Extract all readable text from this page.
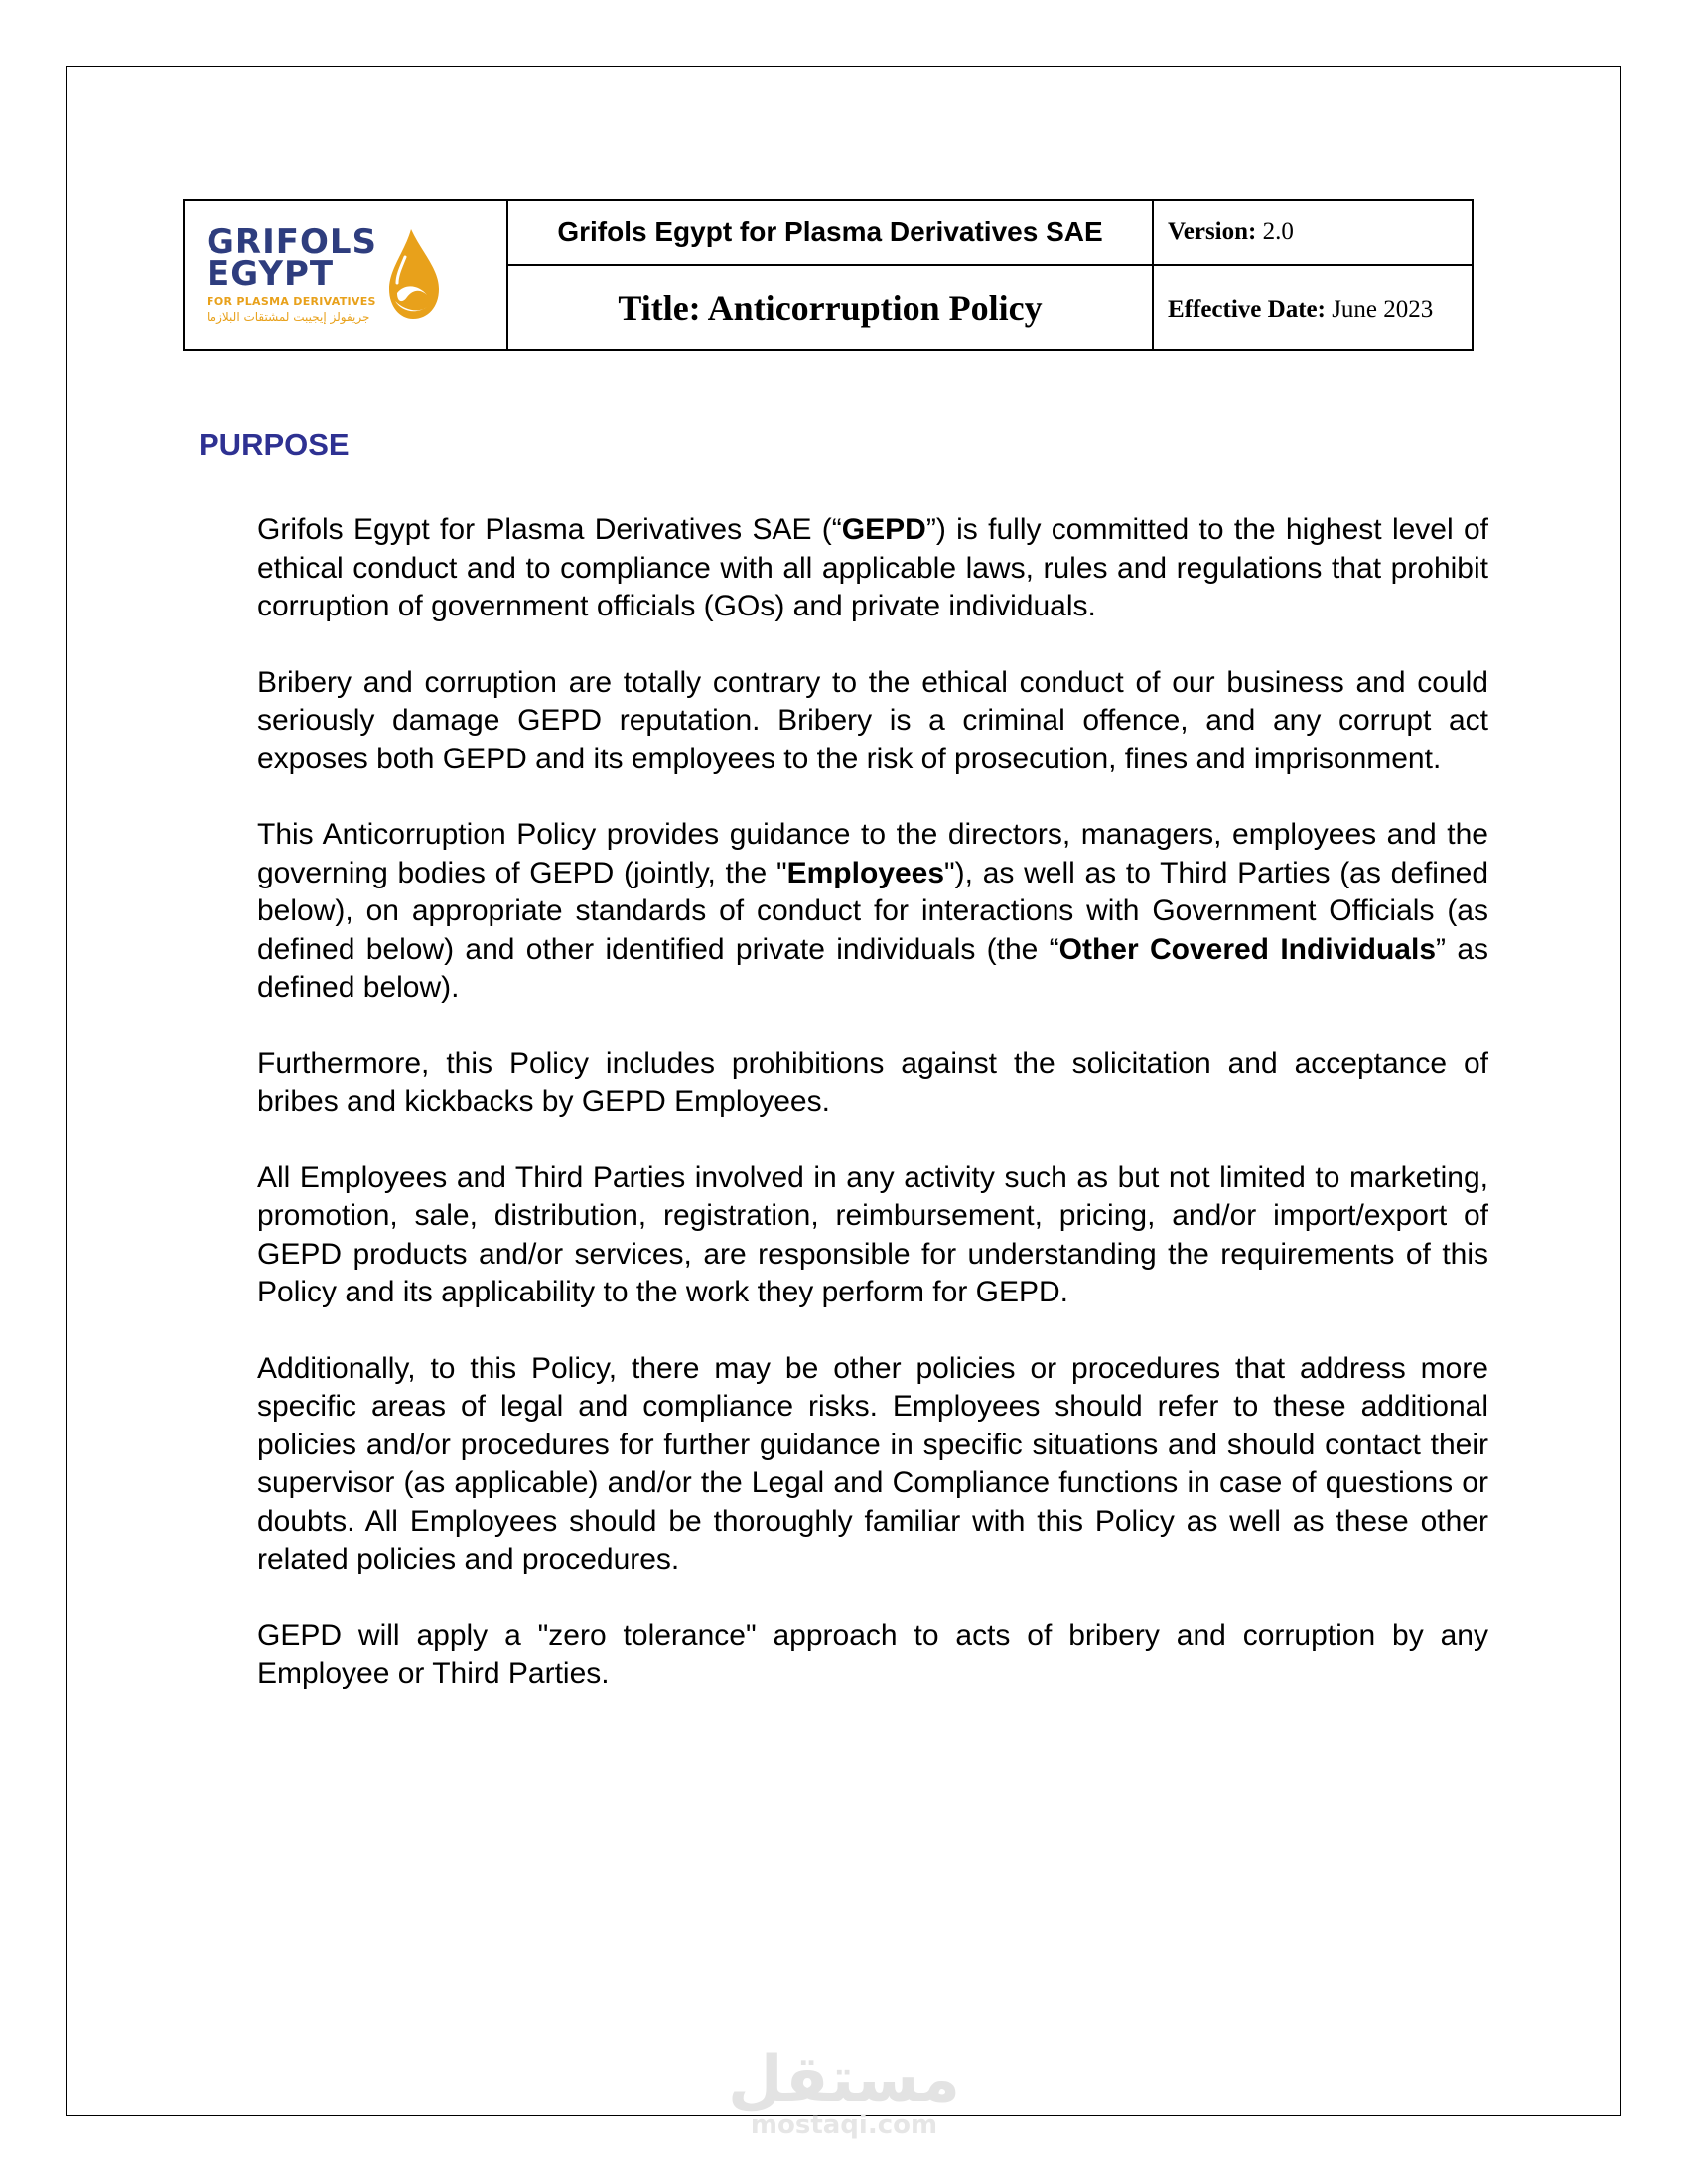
GRIFOLS
EGYPT
FOR PLASMA DERIVATIVES
جريفولز إيجيبت لمشتقات البلازما	Grifols Egypt for Plasma Derivatives SAE	Version: 2.0
	Title: Anticorruption Policy	Effective Date: June 2023
PURPOSE

Grifols Egypt for Plasma Derivatives SAE (“GEPD”) is fully committed to the highest level of ethical conduct and to compliance with all applicable laws, rules and regulations that prohibit corruption of government officials (GOs) and private individuals.

Bribery and corruption are totally contrary to the ethical conduct of our business and could seriously damage GEPD reputation. Bribery is a criminal offence, and any corrupt act exposes both GEPD and its employees to the risk of prosecution, fines and imprisonment.

This Anticorruption Policy provides guidance to the directors, managers, employees and the governing bodies of GEPD (jointly, the "Employees"), as well as to Third Parties (as defined below), on appropriate standards of conduct for interactions with Government Officials (as defined below) and other identified private individuals (the “Other Covered Individuals” as defined below).

Furthermore, this Policy includes prohibitions against the solicitation and acceptance of bribes and kickbacks by GEPD Employees.

All Employees and Third Parties involved in any activity such as but not limited to marketing, promotion, sale, distribution, registration, reimbursement, pricing, and/or import/export of GEPD products and/or services, are responsible for understanding the requirements of this Policy and its applicability to the work they perform for GEPD.

Additionally, to this Policy, there may be other policies or procedures that address more specific areas of legal and compliance risks. Employees should refer to these additional policies and/or procedures for further guidance in specific situations and should contact their supervisor (as applicable) and/or the Legal and Compliance functions in case of questions or doubts. All Employees should be thoroughly familiar with this Policy as well as these other related policies and procedures.

GEPD will apply a "zero tolerance" approach to acts of bribery and corruption by any Employee or Third Parties.

مستقل
mostaqi.com
